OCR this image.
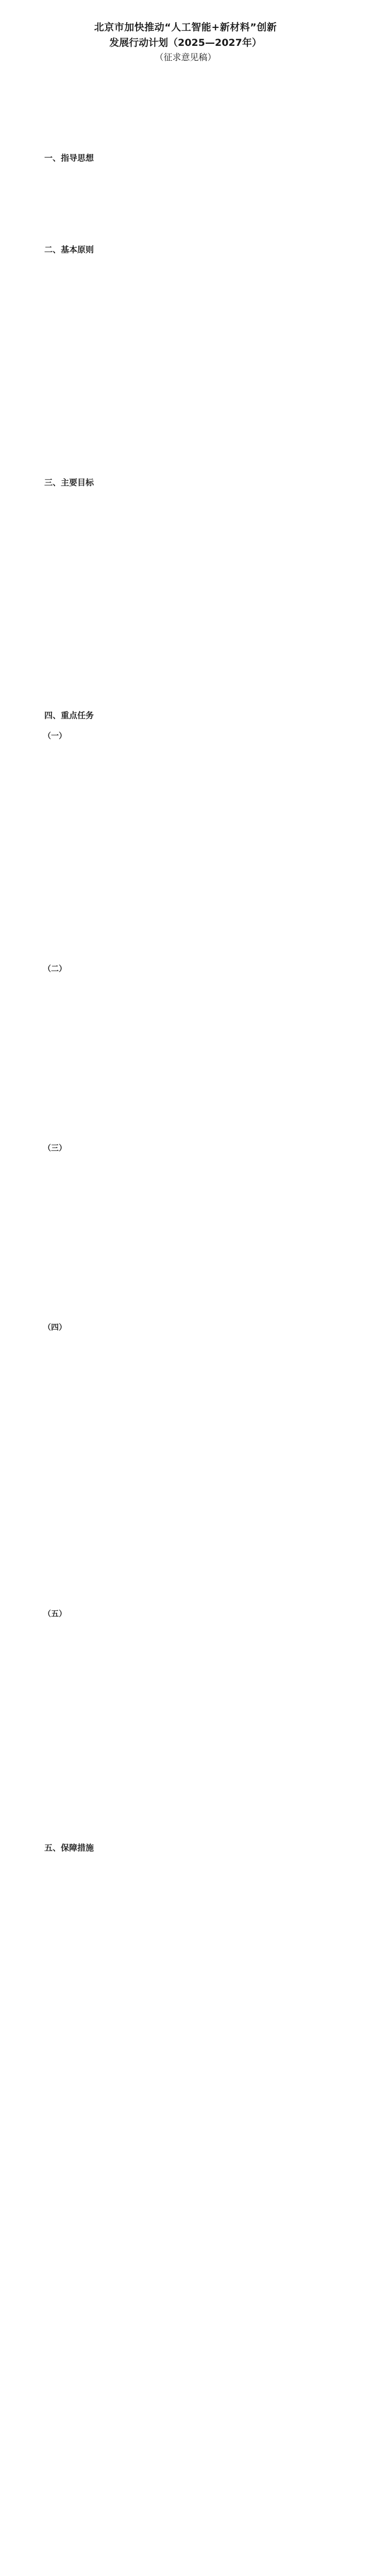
北京市加快推动“人工智能+新材料”创新

发展行动计划（2025—2027年）

（征求意见稿）

一、指导思想

二、基本原则

三、主要目标

四、重点任务

（一）

（二）

（三）

（四）

（五）

五、保障措施
